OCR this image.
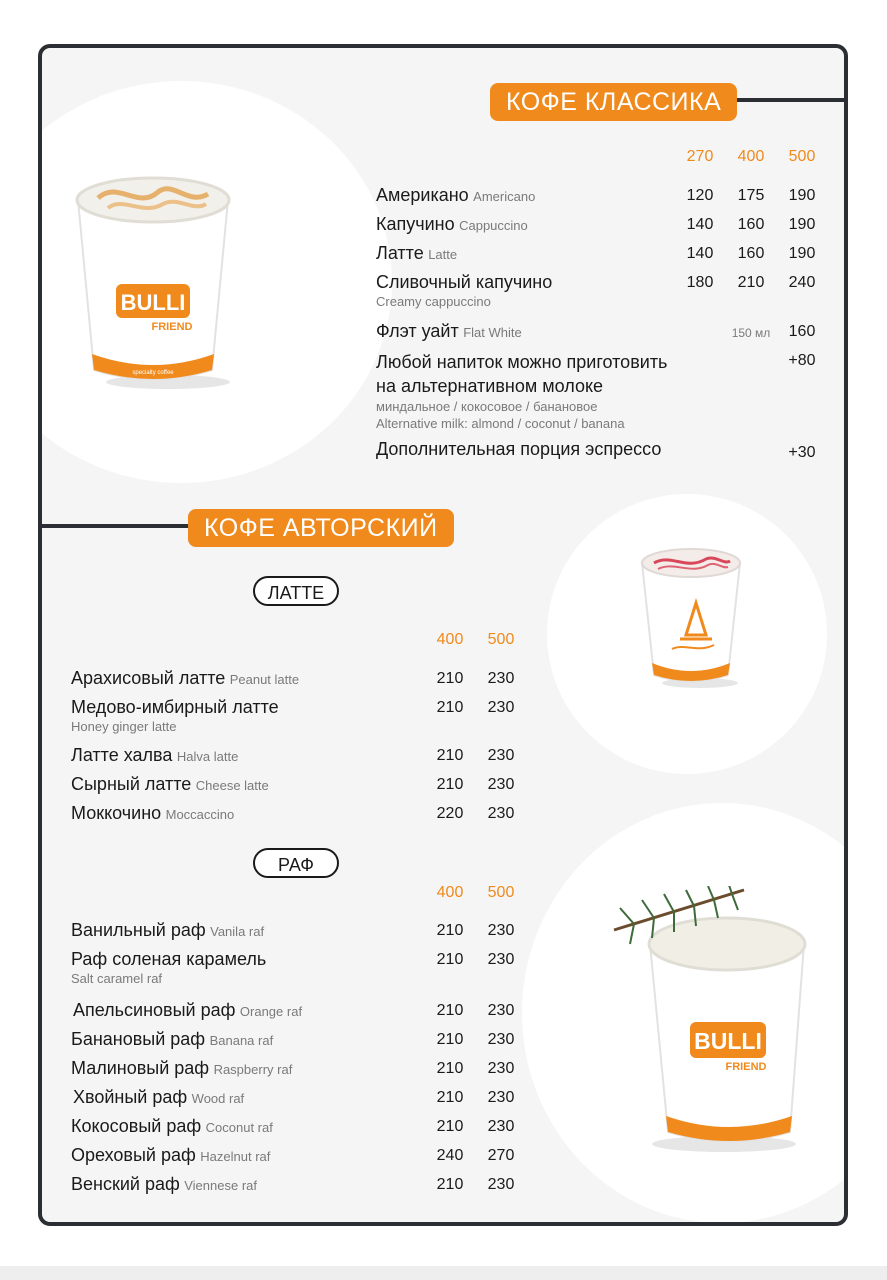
BULLI
FRIEND
specialty coffee
BULLI
FRIEND
КОФЕ КЛАССИКА
270	400	500
Американо Americano	120	175	190
Капучино Cappuccino	140	160	190
Латте Latte	140	160	190
Сливочный капучино
Creamy cappuccino
180	210	240
Флэт уайт Flat White	150 мл	160
Любой напиток можно приготовить
на альтернативном молоке
миндальное / кокосовое / банановое
Alternative milk: almond / coconut / banana
+80
Дополнительная порция эспрессо	+30
КОФЕ АВТОРСКИЙ
ЛАТТЕ
400	500
Арахисовый латте Peanut latte	210	230
Медово-имбирный латте
Honey ginger latte
210	230
Латте халва Halva latte	210	230
Сырный латте Cheese latte	210	230
Моккочино Moccaccino	220	230
РАФ
400	500
Ванильный раф Vanila raf	210	230
Раф соленая карамель
Salt caramel raf
210	230
Апельсиновый раф Orange raf	210	230
Банановый раф Banana raf	210	230
Малиновый раф Raspberry raf	210	230
Хвойный раф Wood raf	210	230
Кокосовый раф Coconut raf	210	230
Ореховый раф Hazelnut raf	240	270
Венский раф Viennese raf	210	230
